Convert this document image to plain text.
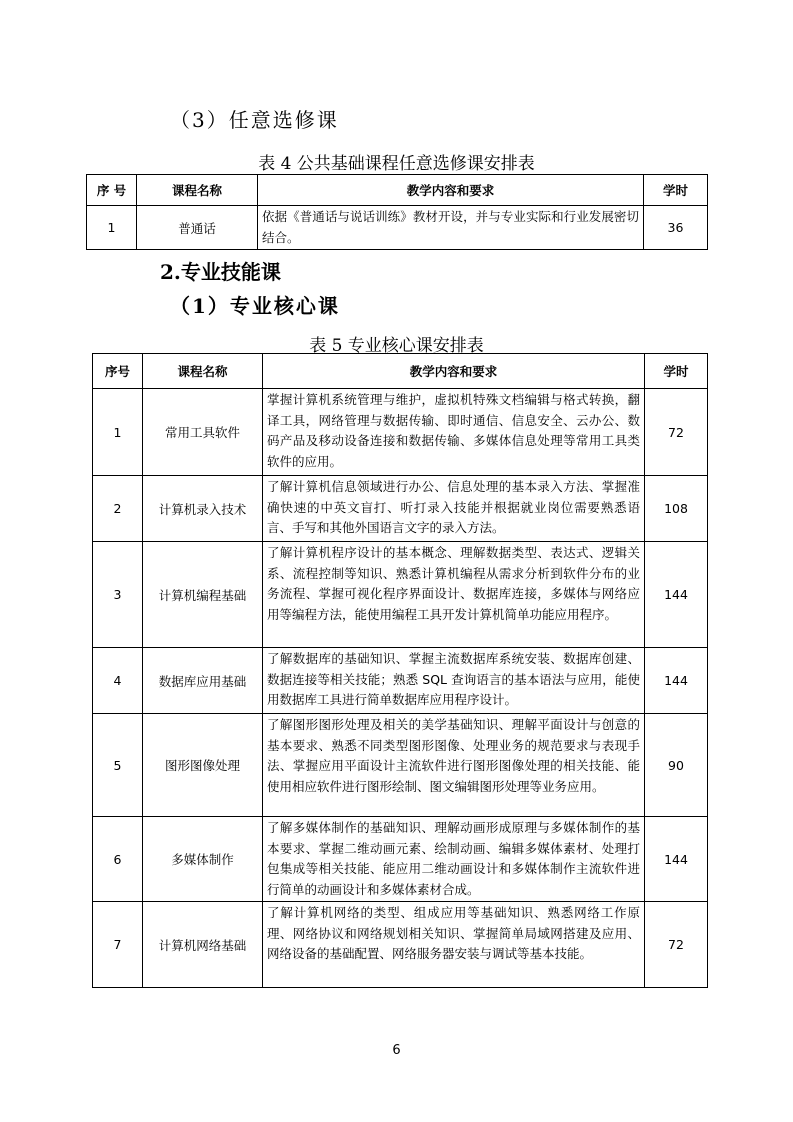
（3）任意选修课
表 4 公共基础课程任意选修课安排表
序 号	课程名称	教学内容和要求	学时
1	普通话	依据《普通话与说话训练》教材开设，并与专业实际和行业发展密切结合。	36
2.专业技能课
（1）专业核心课
表 5 专业核心课安排表
序号	课程名称	教学内容和要求	学时
1	常用工具软件	掌握计算机系统管理与维护，虚拟机特殊文档编辑与格式转换，翻译工具，网络管理与数据传输、即时通信、信息安全、云办公、数码产品及移动设备连接和数据传输、多媒体信息处理等常用工具类软件的应用。	72
2	计算机录入技术	了解计算机信息领域进行办公、信息处理的基本录入方法、掌握准确快速的中英文盲打、听打录入技能并根据就业岗位需要熟悉语言、手写和其他外国语言文字的录入方法。	108
3	计算机编程基础	了解计算机程序设计的基本概念、理解数据类型、表达式、逻辑关系、流程控制等知识、熟悉计算机编程从需求分析到软件分布的业务流程、掌握可视化程序界面设计、数据库连接，多媒体与网络应用等编程方法，能使用编程工具开发计算机简单功能应用程序。	144
4	数据库应用基础	了解数据库的基础知识、掌握主流数据库系统安装、数据库创建、数据连接等相关技能；熟悉 SQL 查询语言的基本语法与应用，能使用数据库工具进行简单数据库应用程序设计。	144
5	图形图像处理	了解图形图形处理及相关的美学基础知识、理解平面设计与创意的基本要求、熟悉不同类型图形图像、处理业务的规范要求与表现手法、掌握应用平面设计主流软件进行图形图像处理的相关技能、能使用相应软件进行图形绘制、图文编辑图形处理等业务应用。	90
6	多媒体制作	了解多媒体制作的基础知识、理解动画形成原理与多媒体制作的基本要求、掌握二维动画元素、绘制动画、编辑多媒体素材、处理打包集成等相关技能、能应用二维动画设计和多媒体制作主流软件进行简单的动画设计和多媒体素材合成。	144
7	计算机网络基础	了解计算机网络的类型、组成应用等基础知识、熟悉网络工作原理、网络协议和网络规划相关知识、掌握简单局域网搭建及应用、网络设备的基础配置、网络服务器安装与调试等基本技能。	72
6
